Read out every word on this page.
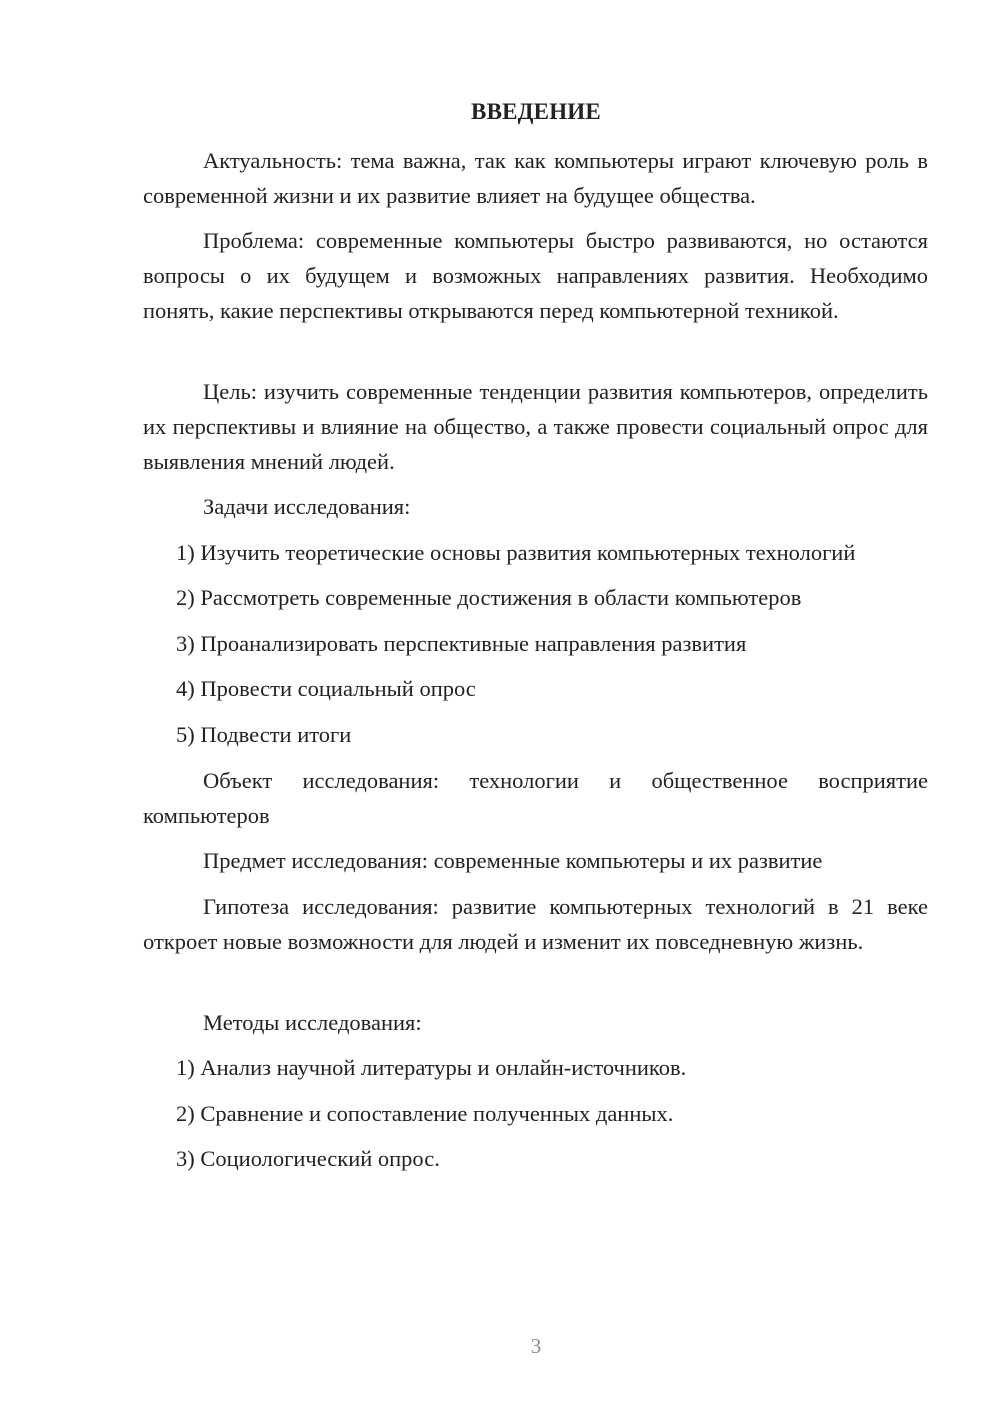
ВВЕДЕНИЕ
Актуальность: тема важна, так как компьютеры играют ключевую роль в современной жизни и их развитие влияет на будущее общества.
Проблема: современные компьютеры быстро развиваются, но остаются вопросы о их будущем и возможных направлениях развития. Необходимо понять, какие перспективы открываются перед компьютерной техникой.
Цель: изучить современные тенденции развития компьютеров, определить их перспективы и влияние на общество, а также провести социальный опрос для выявления мнений людей.
Задачи исследования:
1) Изучить теоретические основы развития компьютерных технологий
2) Рассмотреть современные достижения в области компьютеров
3) Проанализировать перспективные направления развития
4) Провести социальный опрос
5) Подвести итоги
Объект исследования: технологии и общественное восприятие компьютеров
Предмет исследования: современные компьютеры и их развитие
Гипотеза исследования: развитие компьютерных технологий в 21 веке откроет новые возможности для людей и изменит их повседневную жизнь.
Методы исследования:
1) Анализ научной литературы и онлайн-источников.
2) Сравнение и сопоставление полученных данных.
3) Социологический опрос.
3
